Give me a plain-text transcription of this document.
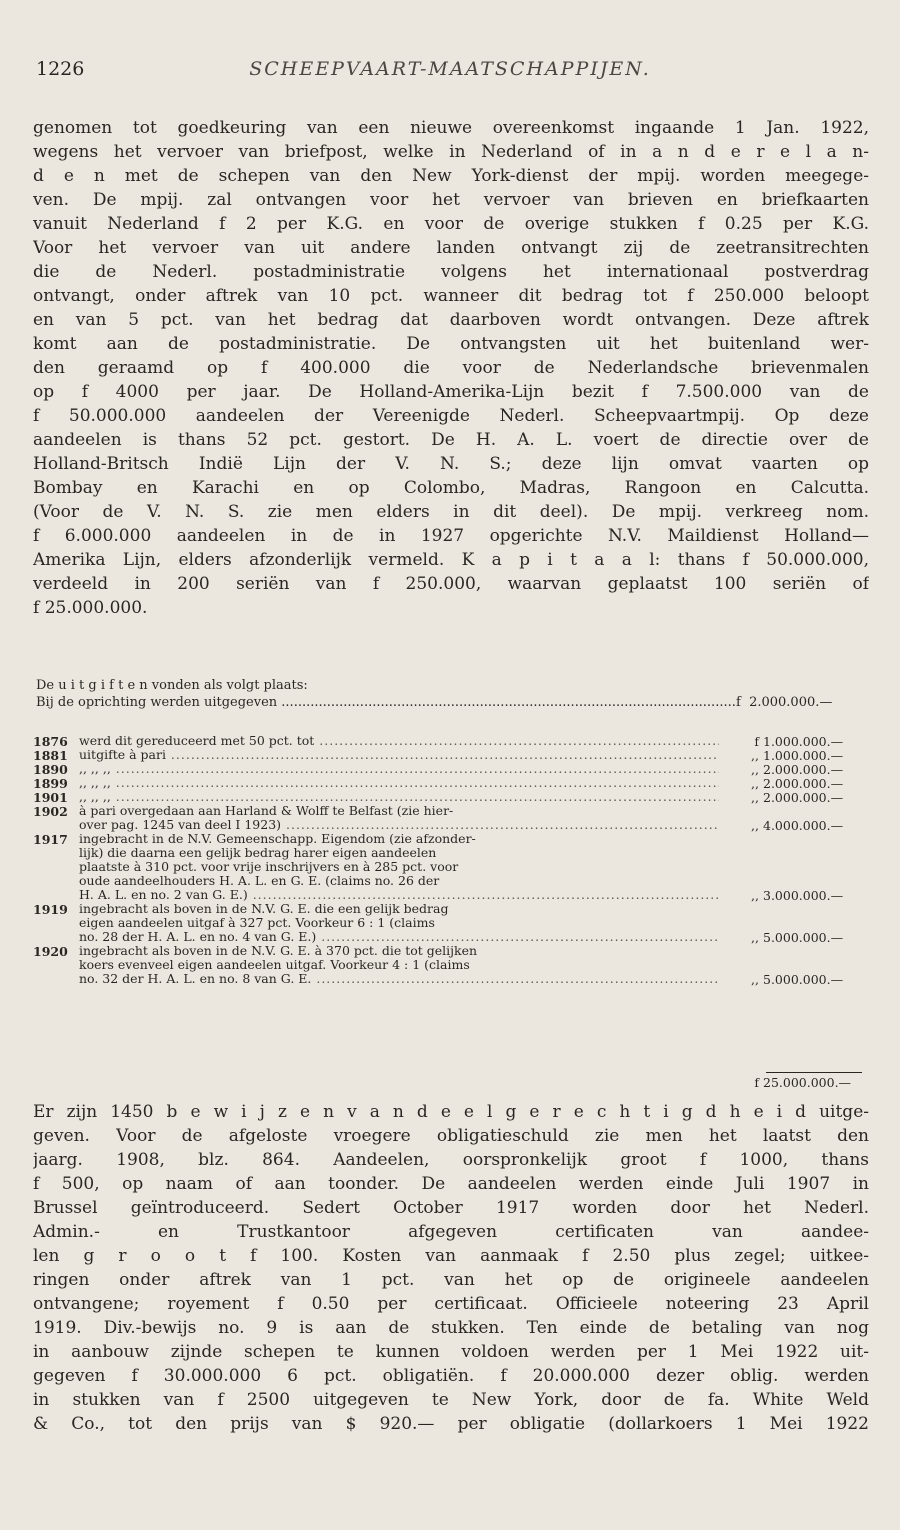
1226	SCHEEPVAART-MAATSCHAPPIJEN.
genomen tot goedkeuring van een nieuwe overeenkomst ingaande 1 Jan. 1922,
wegens het vervoer van briefpost, welke in Nederland of in a n d e r e l a n-
d e n met de schepen van den New York-dienst der mpij. worden meegege-
ven. De mpij. zal ontvangen voor het vervoer van brieven en briefkaarten
vanuit Nederland f 2 per K.G. en voor de overige stukken f 0.25 per K.G.
Voor het vervoer van uit andere landen ontvangt zij de zeetransitrechten
die de Nederl. postadministratie volgens het internationaal postverdrag
ontvangt, onder aftrek van 10 pct. wanneer dit bedrag tot f 250.000 beloopt
en van 5 pct. van het bedrag dat daarboven wordt ontvangen. Deze aftrek
komt aan de postadministratie. De ontvangsten uit het buitenland wer-
den geraamd op f 400.000 die voor de Nederlandsche brievenmalen
op f 4000 per jaar. De Holland-Amerika-Lijn bezit f 7.500.000 van de
f 50.000.000 aandeelen der Vereenigde Nederl. Scheepvaartmpij. Op deze
aandeelen is thans 52 pct. gestort. De H. A. L. voert de directie over de
Holland-Britsch Indië Lijn der V. N. S.; deze lijn omvat vaarten op
Bombay en Karachi en op Colombo, Madras, Rangoon en Calcutta.
(Voor de V. N. S. zie men elders in dit deel). De mpij. verkreeg nom.
f 6.000.000 aandeelen in de in 1927 opgerichte N.V. Maildienst Holland—
Amerika Lijn, elders afzonderlijk vermeld. K a p i t a a l: thans f 50.000.000,
verdeeld in 200 seriën van f 250.000, waarvan geplaatst 100 seriën of
f 25.000.000.
De u i t g i f t e n vonden als volgt plaats:
Bij de oprichting werden uitgegeven .............................................................................................................. f 2.000.000.—
1876 werd dit gereduceerd met 50 pct. tot .....	f 1.000.000.—
1881 uitgifte à pari .....	,, 1.000.000.—
1890 ,, ,, ,, .....	,, 2.000.000.—
1899 ,, ,, ,, .....	,, 2.000.000.—
1901 ,, ,, ,, .....	,, 2.000.000.—
1902 à pari overgedaan aan Harland & Wolff te Belfast (zie hier-
over pag. 1245 van deel I 1923) .....	,, 4.000.000.—
1917 ingebracht in de N.V. Gemeenschapp. Eigendom (zie afzonder-
lijk) die daarna een gelijk bedrag harer eigen aandeelen
plaatste à 310 pct. voor vrije inschrijvers en à 285 pct. voor
oude aandeelhouders H. A. L. en G. E. (claims no. 26 der
H. A. L. en no. 2 van G. E.) .....	,, 3.000.000.—
1919 ingebracht als boven in de N.V. G. E. die een gelijk bedrag
eigen aandeelen uitgaf à 327 pct. Voorkeur 6 : 1 (claims
no. 28 der H. A. L. en no. 4 van G. E.) .....	,, 5.000.000.—
1920 ingebracht als boven in de N.V. G. E. à 370 pct. die tot gelijken
koers evenveel eigen aandeelen uitgaf. Voorkeur 4 : 1 (claims
no. 32 der H. A. L. en no. 8 van G. E. .....	,, 5.000.000.—
f 25.000.000.—
Er zijn 1450 b e w i j z e n v a n d e e l g e r e c h t i g d h e i d uitge-
geven. Voor de afgeloste vroegere obligatieschuld zie men het laatst den
jaarg. 1908, blz. 864. Aandeelen, oorspronkelijk groot f 1000, thans
f 500, op naam of aan toonder. De aandeelen werden einde Juli 1907 in
Brussel geïntroduceerd. Sedert October 1917 worden door het Nederl.
Admin.- en Trustkantoor afgegeven certificaten van aandee-
len g r o o t f 100. Kosten van aanmaak f 2.50 plus zegel; uitkee-
ringen onder aftrek van 1 pct. van het op de origineele aandeelen
ontvangene; royement f 0.50 per certificaat. Officieele noteering 23 April
1919. Div.-bewijs no. 9 is aan de stukken. Ten einde de betaling van nog
in aanbouw zijnde schepen te kunnen voldoen werden per 1 Mei 1922 uit-
gegeven f 30.000.000 6 pct. obligatiën. f 20.000.000 dezer oblig. werden
in stukken van f 2500 uitgegeven te New York, door de fa. White Weld
& Co., tot den prijs van $ 920.— per obligatie (dollarkoers 1 Mei 1922
